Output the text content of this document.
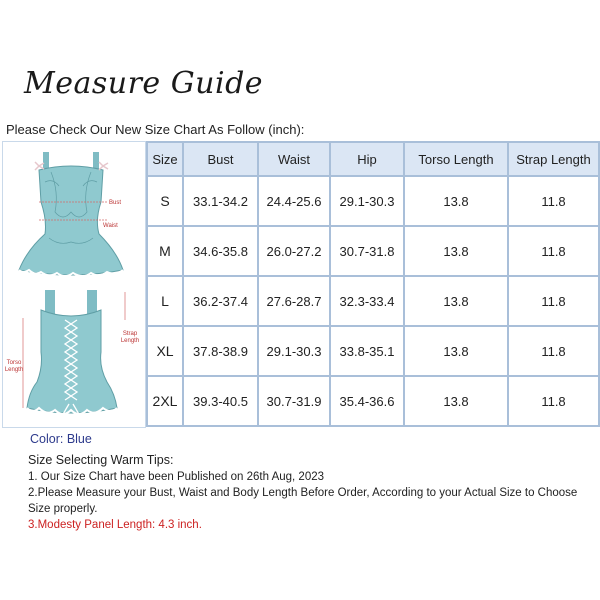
Measure Guide
Please Check Our New Size Chart As Follow (inch):
Bust
Waist
Strap Length
Torso Length
Size	Bust	Waist	Hip	Torso Length	Strap Length
S	33.1-34.2	24.4-25.6	29.1-30.3	13.8	11.8
M	34.6-35.8	26.0-27.2	30.7-31.8	13.8	11.8
L	36.2-37.4	27.6-28.7	32.3-33.4	13.8	11.8
XL	37.8-38.9	29.1-30.3	33.8-35.1	13.8	11.8
2XL	39.3-40.5	30.7-31.9	35.4-36.6	13.8	11.8
Color: Blue

Size Selecting Warm Tips:

1. Our Size Chart have been Published on 26th Aug, 2023

2.Please Measure your Bust, Waist and Body Length Before Order, According to your Actual Size to Choose Size properly.

3.Modesty Panel Length: 4.3 inch.
